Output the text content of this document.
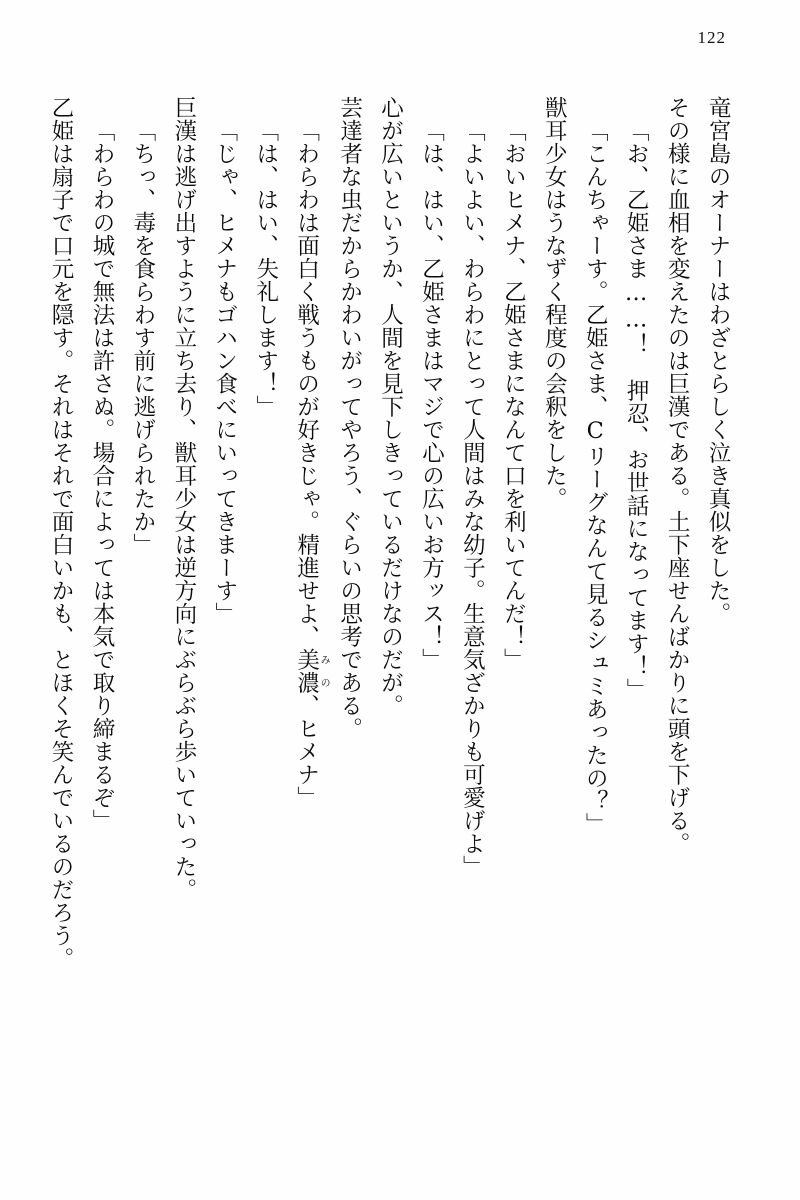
122

竜宮島のオーナーはわざとらしく泣き真似をした。

その様に血相を変えたのは巨漢である。土下座せんばかりに頭を下げる。

「お、乙姫さま……！　押忍、お世話になってます！」

「こんちゃーす。乙姫さま、Cリーグなんて見るシュミあったの？」

獣耳少女はうなずく程度の会釈をした。

「おいヒメナ、乙姫さまになんて口を利いてんだ！」

「よいよい、わらわにとって人間はみな幼子。生意気ざかりも可愛げよ」

「は、はい、乙姫さまはマジで心の広いお方ッス！」

心が広いというか、人間を見下しきっているだけなのだが。

芸達者な虫だからかわいがってやろう、ぐらいの思考である。

「わらわは面白く戦うものが好きじゃ。精進せよ、美濃みの、ヒメナ」

「は、はい、失礼します！」

「じゃ、ヒメナもゴハン食べにいってきまーす」

巨漢は逃げ出すように立ち去り、獣耳少女は逆方向にぶらぶら歩いていった。

「ちっ、毒を食らわす前に逃げられたか」

「わらわの城で無法は許さぬ。場合によっては本気で取り締まるぞ」

乙姫は扇子で口元を隠す。それはそれで面白いかも、とほくそ笑んでいるのだろう。
